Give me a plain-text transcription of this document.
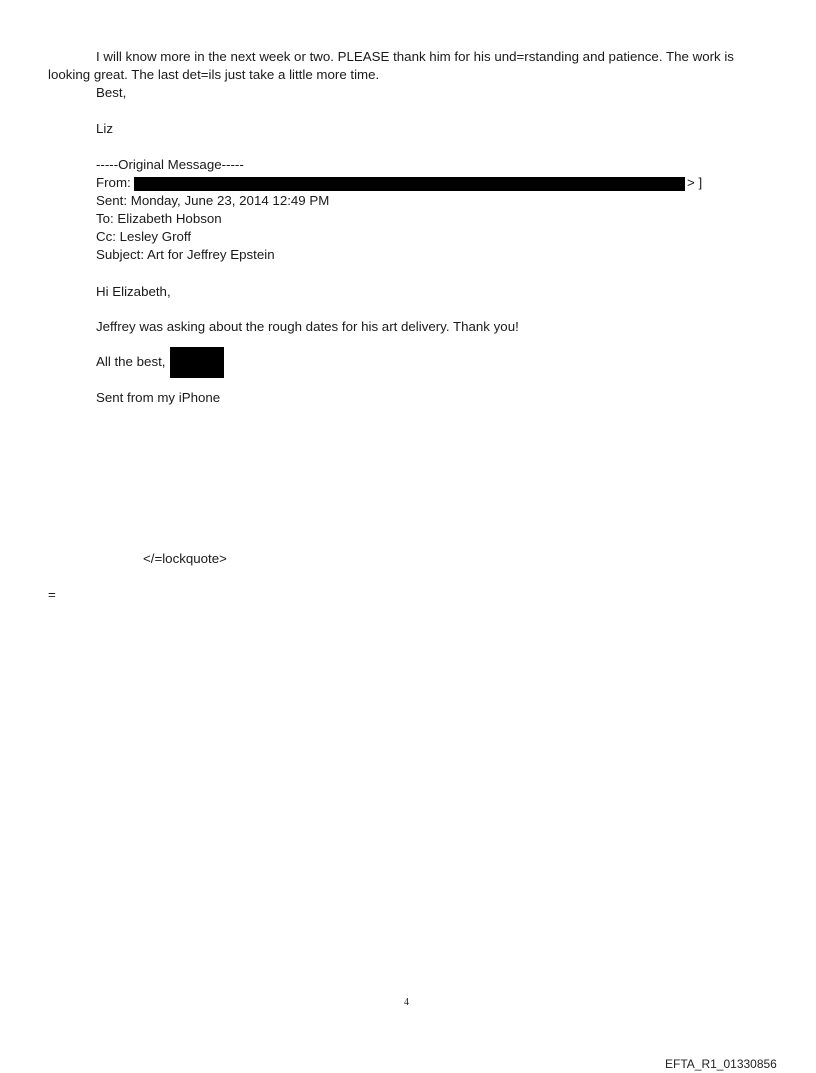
I will know more in the next week or two. PLEASE thank him for his und=rstanding and patience. The work is
looking great. The last det=ils just take a little more time.
Best,
Liz
-----Original Message-----
From:	> ]
Sent: Monday, June 23, 2014 12:49 PM
To: Elizabeth Hobson
Cc: Lesley Groff
Subject: Art for Jeffrey Epstein
Hi Elizabeth,
Jeffrey was asking about the rough dates for his art delivery. Thank you!
All the best,
Sent from my iPhone
</=lockquote>
=
4
EFTA_R1_01330856
